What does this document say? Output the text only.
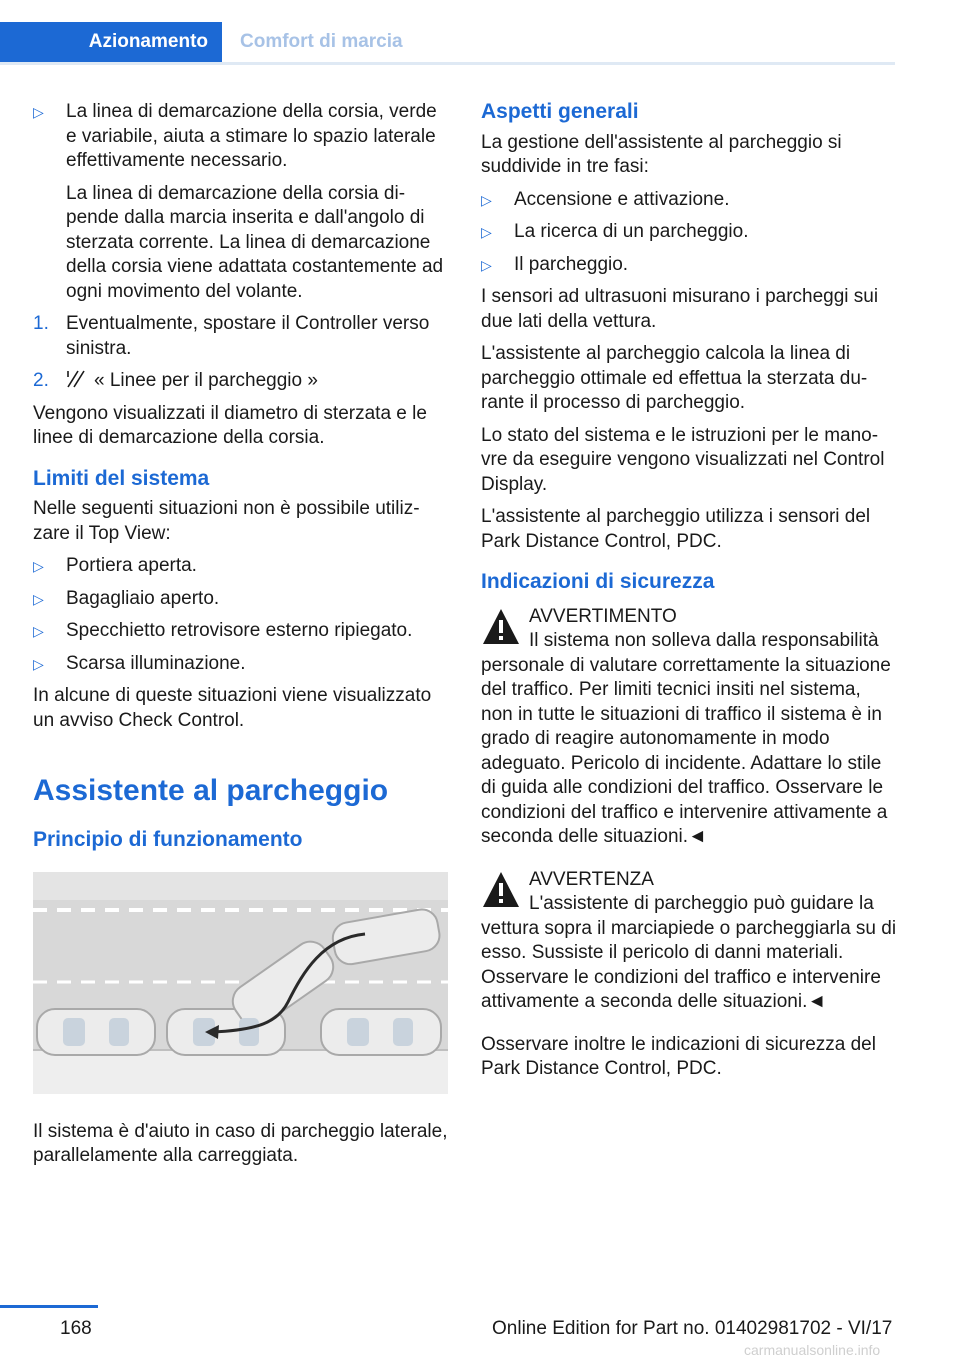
Azionamento	Comfort di marcia
▷ La linea di demarcazione della corsia, verde e variabile, aiuta a stimare lo spazio laterale effettivamente necessario.

La linea di demarcazione della corsia dipende dalla marcia inserita e dall'angolo di sterzata corrente. La linea di demarcazione della corsia viene adattata costantemente ad ogni movimento del volante.

1. Eventualmente, spostare il Controller verso sinistra.
2. « Linee per il parcheggio »

Vengono visualizzati il diametro di sterzata e le linee di demarcazione della corsia.

Limiti del sistema

Nelle seguenti situazioni non è possibile utilizzare il Top View:

▷ Portiera aperta.
▷ Bagagliaio aperto.
▷ Specchietto retrovisore esterno ripiegato.
▷ Scarsa illuminazione.

In alcune di queste situazioni viene visualizzato un avviso Check Control.

Assistente al parcheggio
Principio di funzionamento

Il sistema è d'aiuto in caso di parcheggio laterale, parallelamente alla carreggiata.

Aspetti generali

La gestione dell'assistente al parcheggio si suddivide in tre fasi:

▷ Accensione e attivazione.
▷ La ricerca di un parcheggio.
▷ Il parcheggio.

I sensori ad ultrasuoni misurano i parcheggi sui due lati della vettura.

L'assistente al parcheggio calcola la linea di parcheggio ottimale ed effettua la sterzata durante il processo di parcheggio.

Lo stato del sistema e le istruzioni per le manovre da eseguire vengono visualizzati nel Control Display.

L'assistente al parcheggio utilizza i sensori del Park Distance Control, PDC.

Indicazioni di sicurezza
AVVERTIMENTO
Il sistema non solleva dalla responsabilità personale di valutare correttamente la situazione del traffico. Per limiti tecnici insiti nel sistema, non in tutte le situazioni di traffico il sistema è in grado di reagire autonomamente in modo adeguato. Pericolo di incidente. Adattare lo stile di guida alle condizioni del traffico. Osservare le condizioni del traffico e intervenire attivamente a seconda delle situazioni.◄
AVVERTENZA
L'assistente di parcheggio può guidare la vettura sopra il marciapiede o parcheggiarla su di esso. Sussiste il pericolo di danni materiali. Osservare le condizioni del traffico e intervenire attivamente a seconda delle situazioni.◄

Osservare inoltre le indicazioni di sicurezza del Park Distance Control, PDC.

168	Online Edition for Part no. 01402981702 - VI/17
carmanualsonline.info
